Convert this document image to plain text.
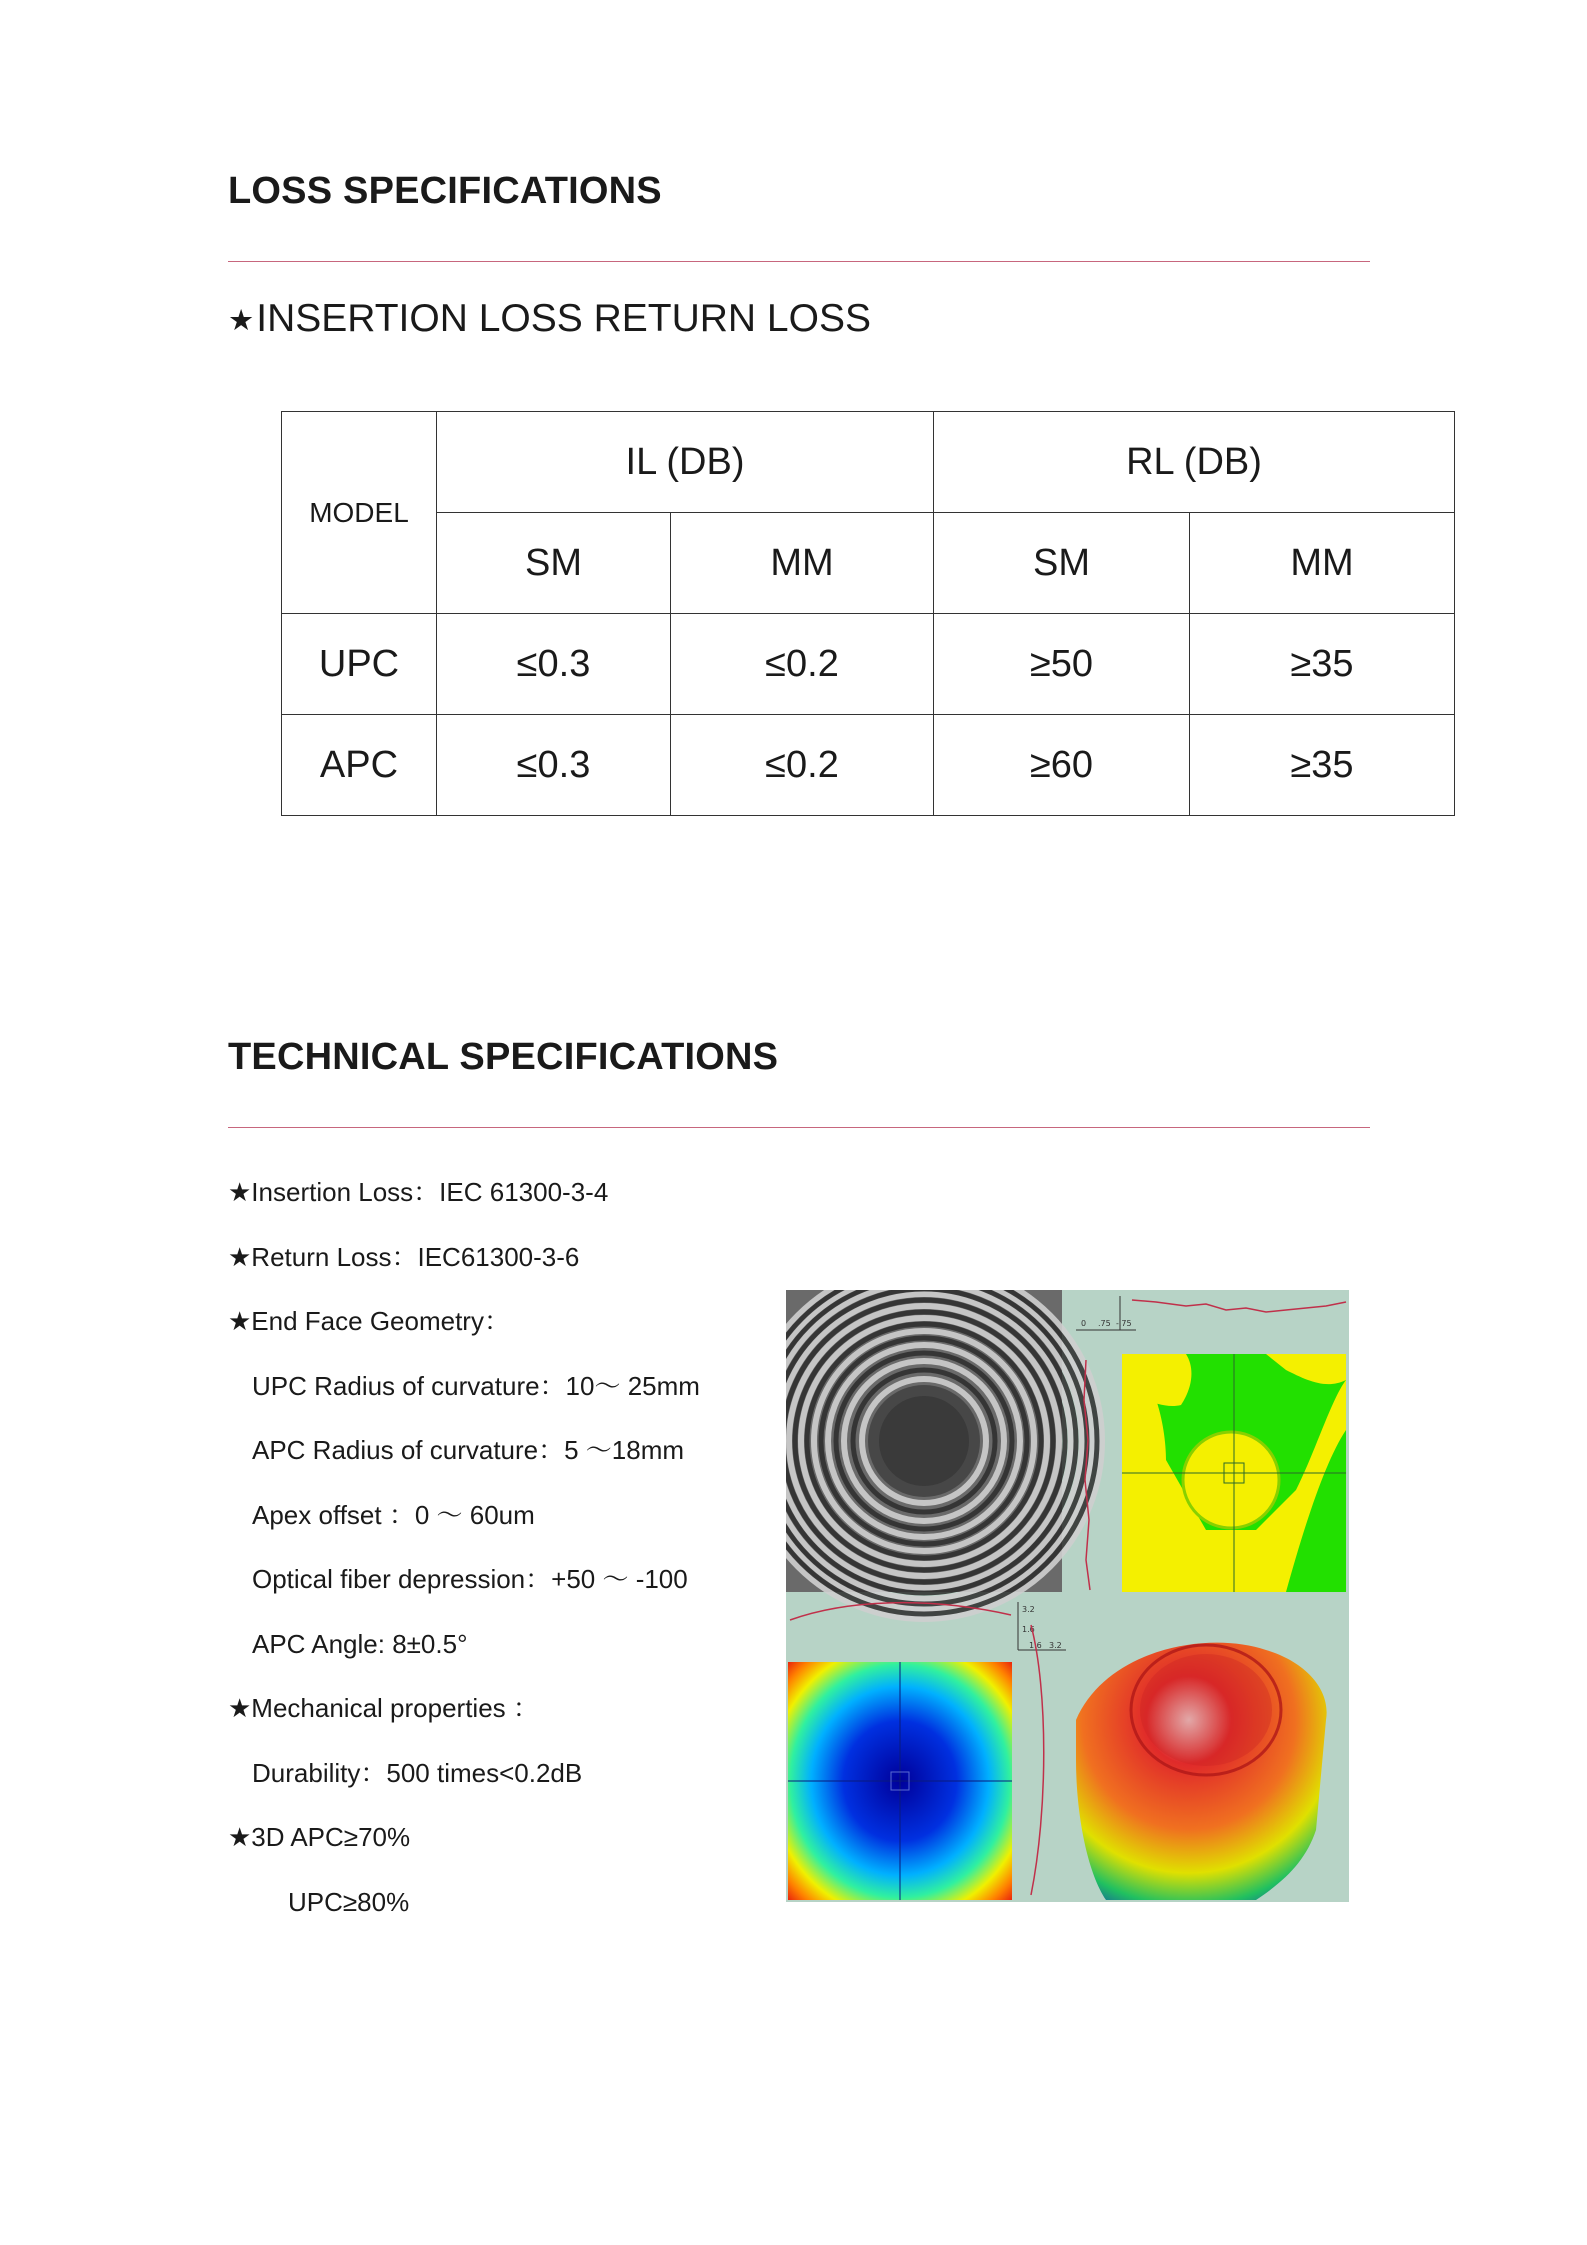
LOSS SPECIFICATIONS

★INSERTION LOSS RETURN LOSS

MODEL	IL (DB)		RL (DB)	
	SM	MM	SM	MM
UPC	≤0.3	≤0.2	≥50	≥35
APC	≤0.3	≤0.2	≥60	≥35
TECHNICAL SPECIFICATIONS
★Insertion Loss：IEC 61300-3-4
★Return Loss：IEC61300-3-6
★End Face Geometry：
UPC Radius of curvature：10～ 25mm
APC Radius of curvature：5 ～18mm
Apex offset ：0 ～ 60um
Optical fiber depression：+50 ～ -100
APC Angle: 8±0.5°
★Mechanical properties ：
Durability：500 times<0.2dB
★3D APC≥70%
UPC≥80%
0 .75 -.75
3.2
1.6
1.6 3.2
